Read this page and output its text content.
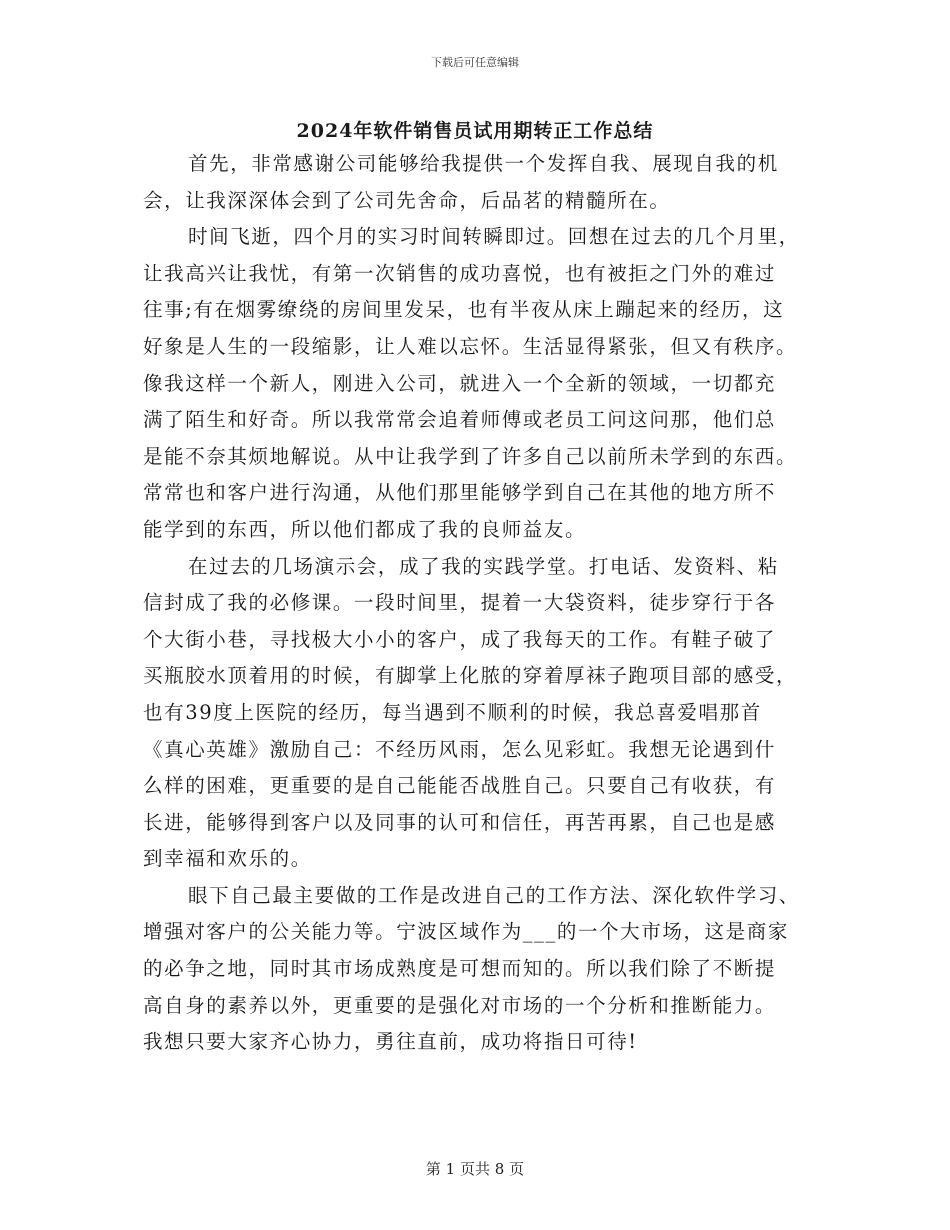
下载后可任意编辑
2024年软件销售员试用期转正工作总结
首先，非常感谢公司能够给我提供一个发挥自我、展现自我的机
会，让我深深体会到了公司先舍命，后品茗的精髓所在。
时间飞逝，四个月的实习时间转瞬即过。回想在过去的几个月里，
让我高兴让我忧，有第一次销售的成功喜悦，也有被拒之门外的难过
往事;有在烟雾缭绕的房间里发呆，也有半夜从床上蹦起来的经历，这
好象是人生的一段缩影，让人难以忘怀。生活显得紧张，但又有秩序。
像我这样一个新人，刚进入公司，就进入一个全新的领域，一切都充
满了陌生和好奇。所以我常常会追着师傅或老员工问这问那，他们总
是能不奈其烦地解说。从中让我学到了许多自己以前所未学到的东西。
常常也和客户进行沟通，从他们那里能够学到自己在其他的地方所不
能学到的东西，所以他们都成了我的良师益友。
在过去的几场演示会，成了我的实践学堂。打电话、发资料、粘
信封成了我的必修课。一段时间里，提着一大袋资料，徒步穿行于各
个大街小巷，寻找极大小小的客户，成了我每天的工作。有鞋子破了
买瓶胶水顶着用的时候，有脚掌上化脓的穿着厚袜子跑项目部的感受，
也有39度上医院的经历，每当遇到不顺利的时候，我总喜爱唱那首
《真心英雄》激励自己：不经历风雨，怎么见彩虹。我想无论遇到什
么样的困难，更重要的是自己能能否战胜自己。只要自己有收获，有
长进，能够得到客户以及同事的认可和信任，再苦再累，自己也是感
到幸福和欢乐的。
眼下自己最主要做的工作是改进自己的工作方法、深化软件学习、
增强对客户的公关能力等。宁波区域作为___的一个大市场，这是商家
的必争之地，同时其市场成熟度是可想而知的。所以我们除了不断提
高自身的素养以外，更重要的是强化对市场的一个分析和推断能力。
我想只要大家齐心协力，勇往直前，成功将指日可待!
第 1 页共 8 页
